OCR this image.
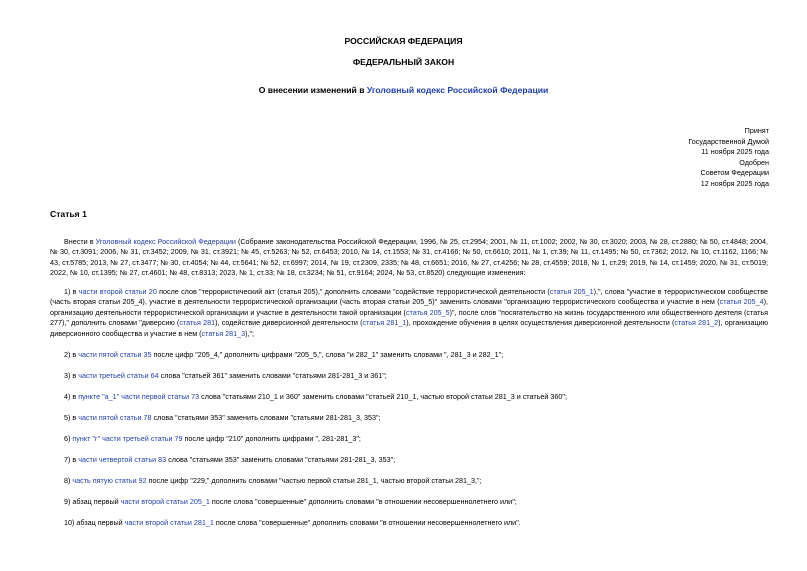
РОССИЙСКАЯ ФЕДЕРАЦИЯ
ФЕДЕРАЛЬНЫЙ ЗАКОН
О внесении изменений в Уголовный кодекс Российской Федерации
Принят
Государственной Думой
11 ноября 2025 года
Одобрен
Советом Федерации
12 ноября 2025 года
Статья 1
Внести в Уголовный кодекс Российской Федерации (Собрание законодательства Российской Федерации, 1996, № 25, ст.2954; 2001, № 11, ст.1002; 2002, № 30, ст.3020; 2003, № 28, ст.2880; № 50, ст.4848; 2004, № 30, ст.3091; 2006, № 31, ст.3452; 2009, № 31, ст.3921; № 45, ст.5263; № 52, ст.6453; 2010, № 14, ст.1553; № 31, ст.4166; № 50, ст.6610; 2011, № 1, ст.39; № 11, ст.1495; № 50, ст.7362; 2012, № 10, ст.1162, 1166; № 43, ст.5785; 2013, № 27, ст.3477; № 30, ст.4054; № 44, ст.5641; № 52, ст.6997; 2014, № 19, ст.2309, 2335; № 48, ст.6651; 2016, № 27, ст.4256; № 28, ст.4559; 2018, № 1, ст.29; 2019, № 14, ст.1459; 2020, № 31, ст.5019; 2022, № 10, ст.1395; № 27, ст.4601; № 48, ст.8313; 2023, № 1, ст.33; № 18, ст.3234; № 51, ст.9164; 2024, № 53, ст.8520) следующие изменения:
1) в части второй статьи 20 после слов "террористический акт (статья 205)," дополнить словами "содействие террористической деятельности (статья 205_1),", слова "участие в террористическом сообществе (часть вторая статьи 205_4), участие в деятельности террористической организации (часть вторая статьи 205_5)" заменить словами "организацию террористического сообщества и участие в нем (статья 205_4), организацию деятельности террористической организации и участие в деятельности такой организации (статья 205_5)", после слов "посягательство на жизнь государственного или общественного деятеля (статья 277)," дополнить словами "диверсию (статья 281), содействие диверсионной деятельности (статья 281_1), прохождение обучения в целях осуществления диверсионной деятельности (статья 281_2), организацию диверсионного сообщества и участие в нем (статья 281_3),";
2) в части пятой статьи 35 после цифр "205_4," дополнить цифрами "205_5,", слова "и 282_1" заменить словами ", 281_3 и 282_1";
3) в части третьей статьи 64 слова "статьей 361" заменить словами "статьями 281-281_3 и 361";
4) в пункте "а_1" части первой статьи 73 слова "статьями 210_1 и 360" заменить словами "статьей 210_1, частью второй статьи 281_3 и статьей 360";
5) в части пятой статьи 78 слова "статьями 353" заменить словами "статьями 281-281_3, 353";
6) пункт "г" части третьей статьи 79 после цифр "210" дополнить цифрами ", 281-281_3";
7) в части четвертой статьи 83 слова "статьями 353" заменить словами "статьями 281-281_3, 353";
8) часть пятую статьи 92 после цифр "229," дополнить словами "частью первой статьи 281_1, частью второй статьи 281_3,";
9) абзац первый части второй статьи 205_1 после слова "совершенные" дополнить словами "в отношении несовершеннолетнего или";
10) абзац первый части второй статьи 281_1 после слова "совершенные" дополнить словами "в отношении несовершеннолетнего или".
